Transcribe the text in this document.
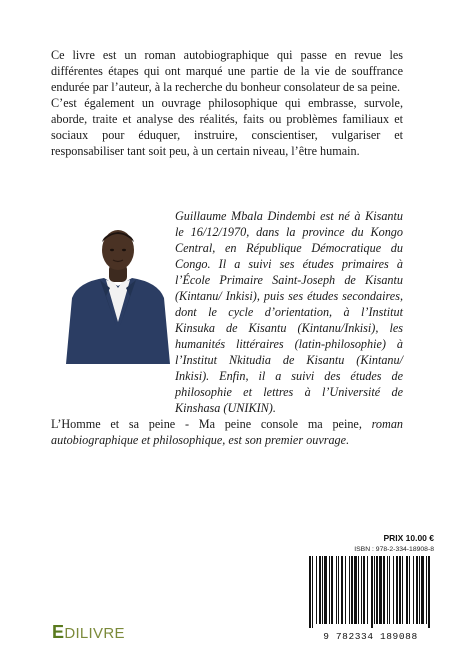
Ce livre est un roman autobiographique qui passe en revue les différentes étapes qui ont marqué une partie de la vie de souffrance endurée par l’auteur, à la recherche du bonheur consolateur de sa peine.

C’est également un ouvrage philosophique qui embrasse, survole, aborde, traite et analyse des réalités, faits ou problèmes familiaux et sociaux pour éduquer, instruire, conscientiser, vulgariser et responsabiliser tant soit peu, à un certain niveau, l’être humain.

Guillaume Mbala Dindembi est né à Kisantu le 16/12/1970, dans la province du Kongo Central, en République Démocratique du Congo. Il a suivi ses études primaires à l’École Primaire Saint-Joseph de Kisantu (Kintanu/ Inkisi), puis ses études secondaires, dont le cycle d’orientation, à l’Institut Kinsuka de Kisantu (Kintanu/Inkisi), les humanités littéraires (latin-philosophie) à l’Institut Nkitudia de Kisantu (Kintanu/ Inkisi). Enfin, il a suivi des études de philosophie et lettres à l’Université de Kinshasa (UNIKIN).

L’Homme et sa peine - Ma peine console ma peine, roman autobiographique et philosophique, est son premier ouvrage.

PRIX 10.00 €
ISBN : 978-2-334-18908-8
9 782334 189088
EDILIVRE
